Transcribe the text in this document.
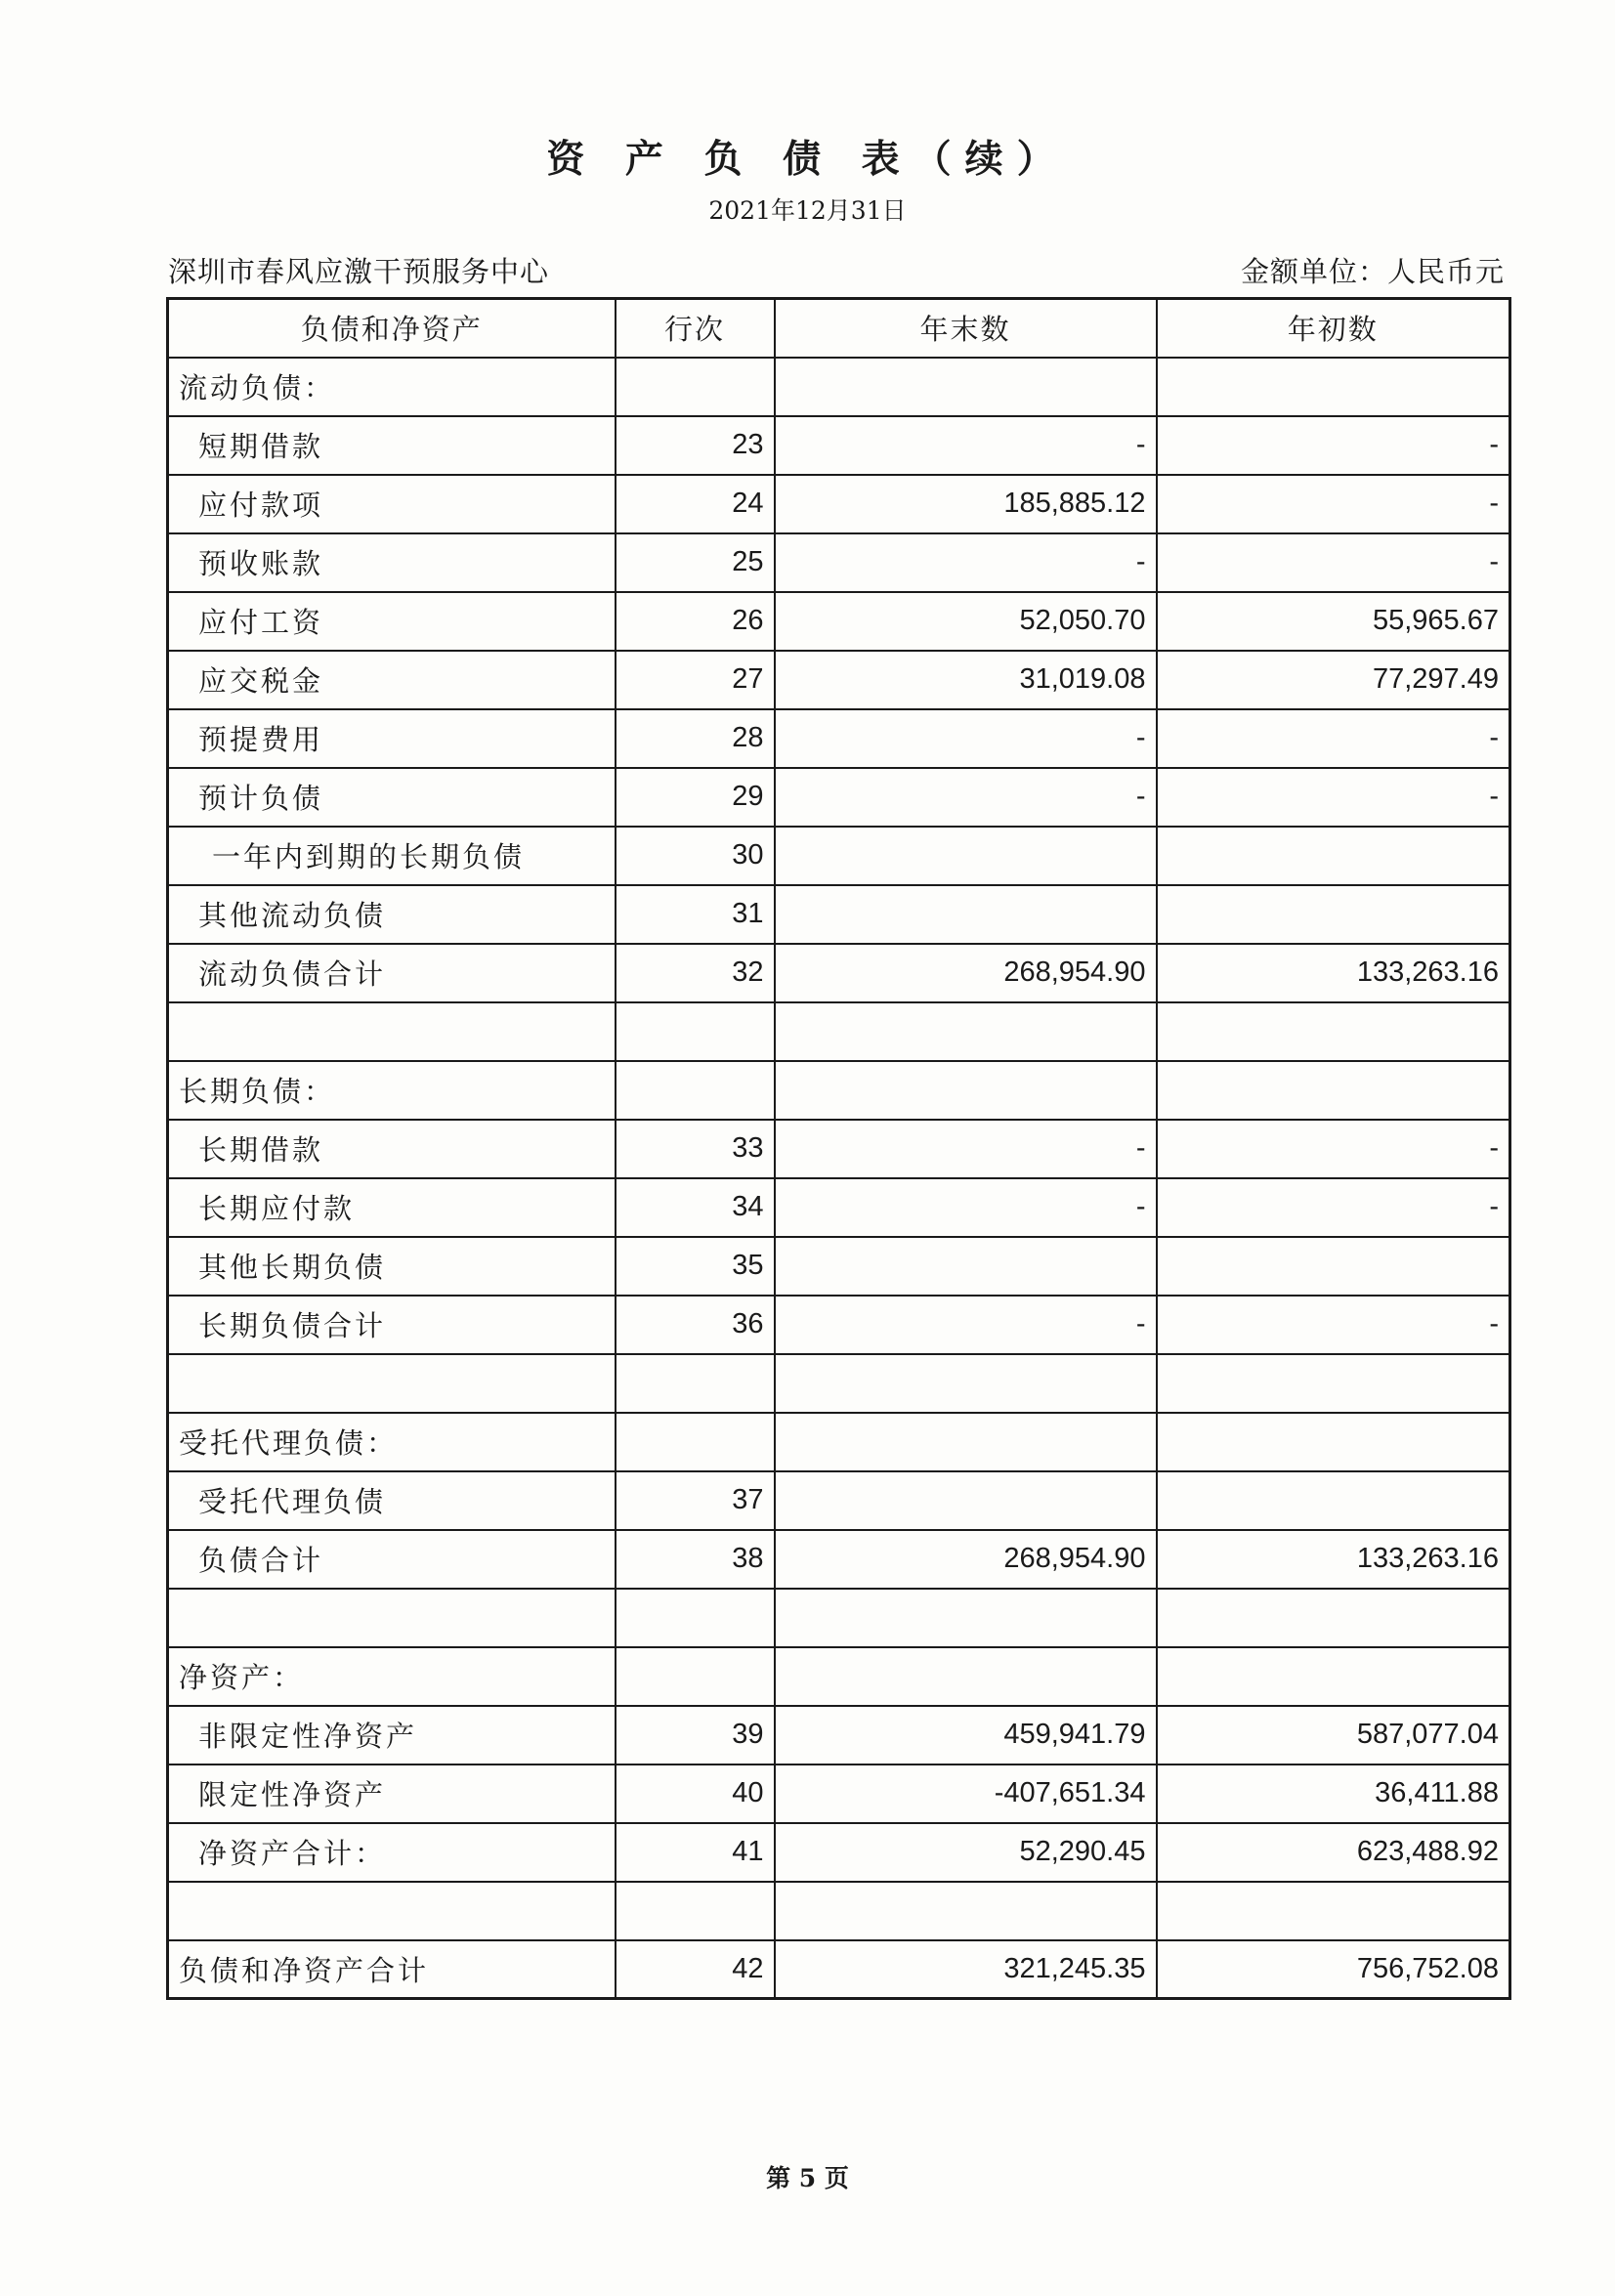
资 产 负 债 表（续）
2021年12月31日
深圳市春风应激干预服务中心	金额单位：人民币元
负债和净资产	行次	年末数	年初数
流动负债：			
短期借款	23	-	-
应付款项	24	185,885.12	-
预收账款	25	-	-
应付工资	26	52,050.70	55,965.67
应交税金	27	31,019.08	77,297.49
预提费用	28	-	-
预计负债	29	-	-
一年内到期的长期负债	30		
其他流动负债	31		
流动负债合计	32	268,954.90	133,263.16

长期负债：			
长期借款	33	-	-
长期应付款	34	-	-
其他长期负债	35		
长期负债合计	36	-	-

受托代理负债：			
受托代理负债	37		
负债合计	38	268,954.90	133,263.16

净资产：			
非限定性净资产	39	459,941.79	587,077.04
限定性净资产	40	-407,651.34	36,411.88
净资产合计：	41	52,290.45	623,488.92

负债和净资产合计	42	321,245.35	756,752.08
第 5 页
